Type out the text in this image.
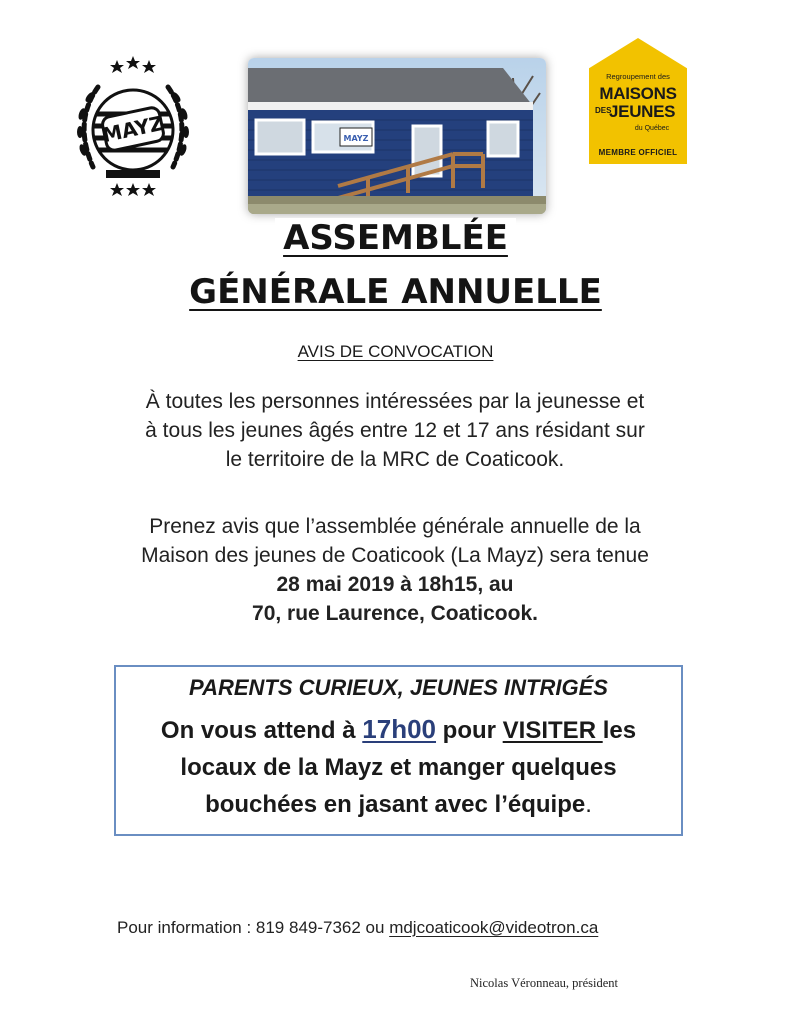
MAYZ	MAYZ
Regroupement des
MAISONS
DES
JEUNES
du Québec
MEMBRE OFFICIEL
ASSEMBLÉE
GÉNÉRALE ANNUELLE
AVIS DE CONVOCATION
À toutes les personnes intéressées par la jeunesse et
à tous les jeunes âgés entre 12 et 17 ans résidant sur
le territoire de la MRC de Coaticook.
Prenez avis que l’assemblée générale annuelle de la
Maison des jeunes de Coaticook (La Mayz) sera tenue
28 mai 2019 à 18h15, au
70, rue Laurence, Coaticook.
PARENTS CURIEUX, JEUNES INTRIGÉS
On vous attend à 17h00 pour VISITER les
locaux de la Mayz et manger quelques
bouchées en jasant avec l’équipe.
Pour information : 819 849-7362 ou mdjcoaticook@videotron.ca
Nicolas Véronneau, président
